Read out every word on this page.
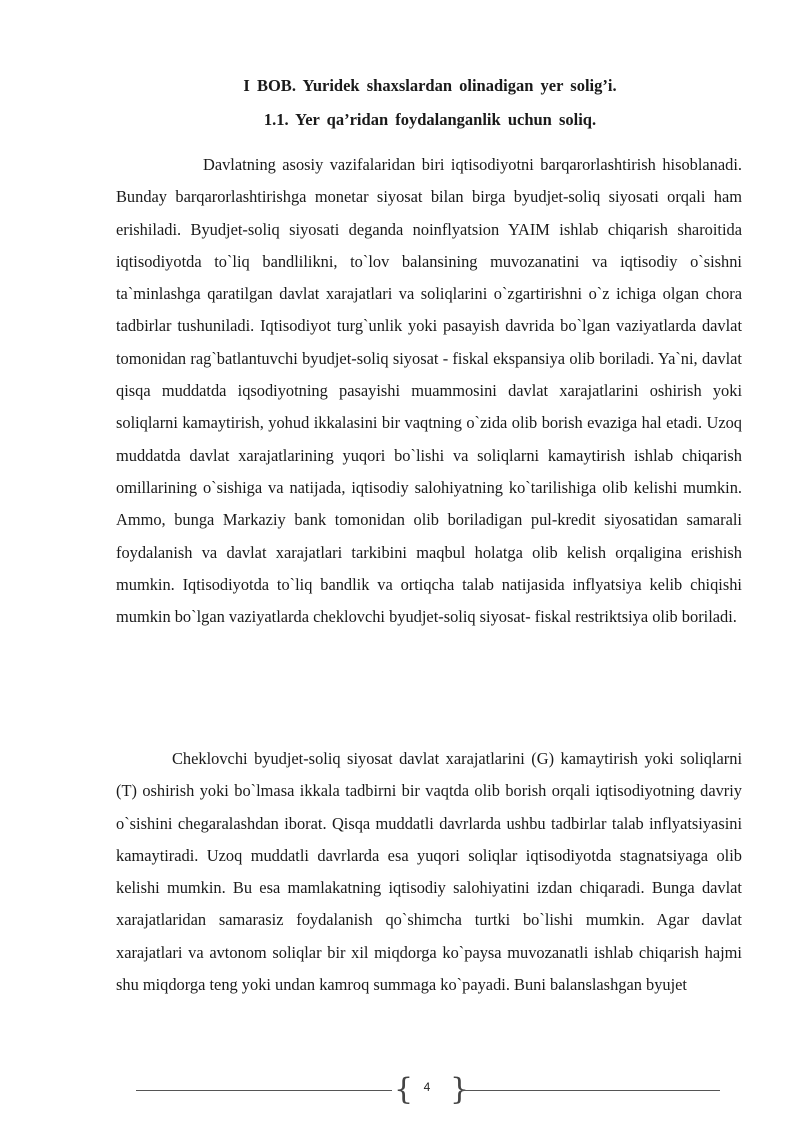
I BOB. Yuridek shaxslardan olinadigan yer solig’i.
1.1. Yer qa’ridan foydalanganlik uchun soliq.

Davlatning asosiy vazifalaridan biri iqtisodiyotni barqarorlashtirish hisoblanadi. Bunday barqarorlashtirishga monetar siyosat bilan birga byudjet-soliq siyosati orqali ham erishiladi. Byudjet-soliq siyosati deganda noinflyatsion YAIM ishlab chiqarish sharoitida iqtisodiyotda to`liq bandlilikni, to`lov balansining muvozanatini va iqtisodiy o`sishni ta`minlashga qaratilgan davlat xarajatlari va soliqlarini o`zgartirishni o`z ichiga olgan chora tadbirlar tushuniladi. Iqtisodiyot turg`unlik yoki pasayish davrida bo`lgan vaziyatlarda davlat tomonidan rag`batlantuvchi byudjet-soliq siyosat - fiskal ekspansiya olib boriladi. Ya`ni, davlat qisqa muddatda iqsodiyotning pasayishi muammosini davlat xarajatlarini oshirish yoki soliqlarni kamaytirish, yohud ikkalasini bir vaqtning o`zida olib borish evaziga hal etadi. Uzoq muddatda davlat xarajatlarining yuqori bo`lishi va soliqlarni kamaytirish ishlab chiqarish omillarining o`sishiga va natijada, iqtisodiy salohiyatning ko`tarilishiga olib kelishi mumkin. Ammo, bunga Markaziy bank tomonidan olib boriladigan pul-kredit siyosatidan samarali foydalanish va davlat xarajatlari tarkibini maqbul holatga olib kelish orqaligina erishish mumkin. Iqtisodiyotda to`liq bandlik va ortiqcha talab natijasida inflyatsiya kelib chiqishi mumkin bo`lgan vaziyatlarda cheklovchi byudjet-soliq siyosat- fiskal restriktsiya olib boriladi.

Cheklovchi byudjet-soliq siyosat davlat xarajatlarini (G) kamaytirish yoki soliqlarni (T) oshirish yoki bo`lmasa ikkala tadbirni bir vaqtda olib borish orqali iqtisodiyotning davriy o`sishini chegaralashdan iborat. Qisqa muddatli davrlarda ushbu tadbirlar talab inflyatsiyasini kamaytiradi. Uzoq muddatli davrlarda esa yuqori soliqlar iqtisodiyotda stagnatsiyaga olib kelishi mumkin. Bu esa mamlakatning iqtisodiy salohiyatini izdan chiqaradi. Bunga davlat xarajatlaridan samarasiz foydalanish qo`shimcha turtki bo`lishi mumkin. Agar davlat xarajatlari va avtonom soliqlar bir xil miqdorga ko`paysa muvozanatli ishlab chiqarish hajmi shu miqdorga teng yoki undan kamroq summaga ko`payadi. Buni balanslashgan byujet

{ 4 }
